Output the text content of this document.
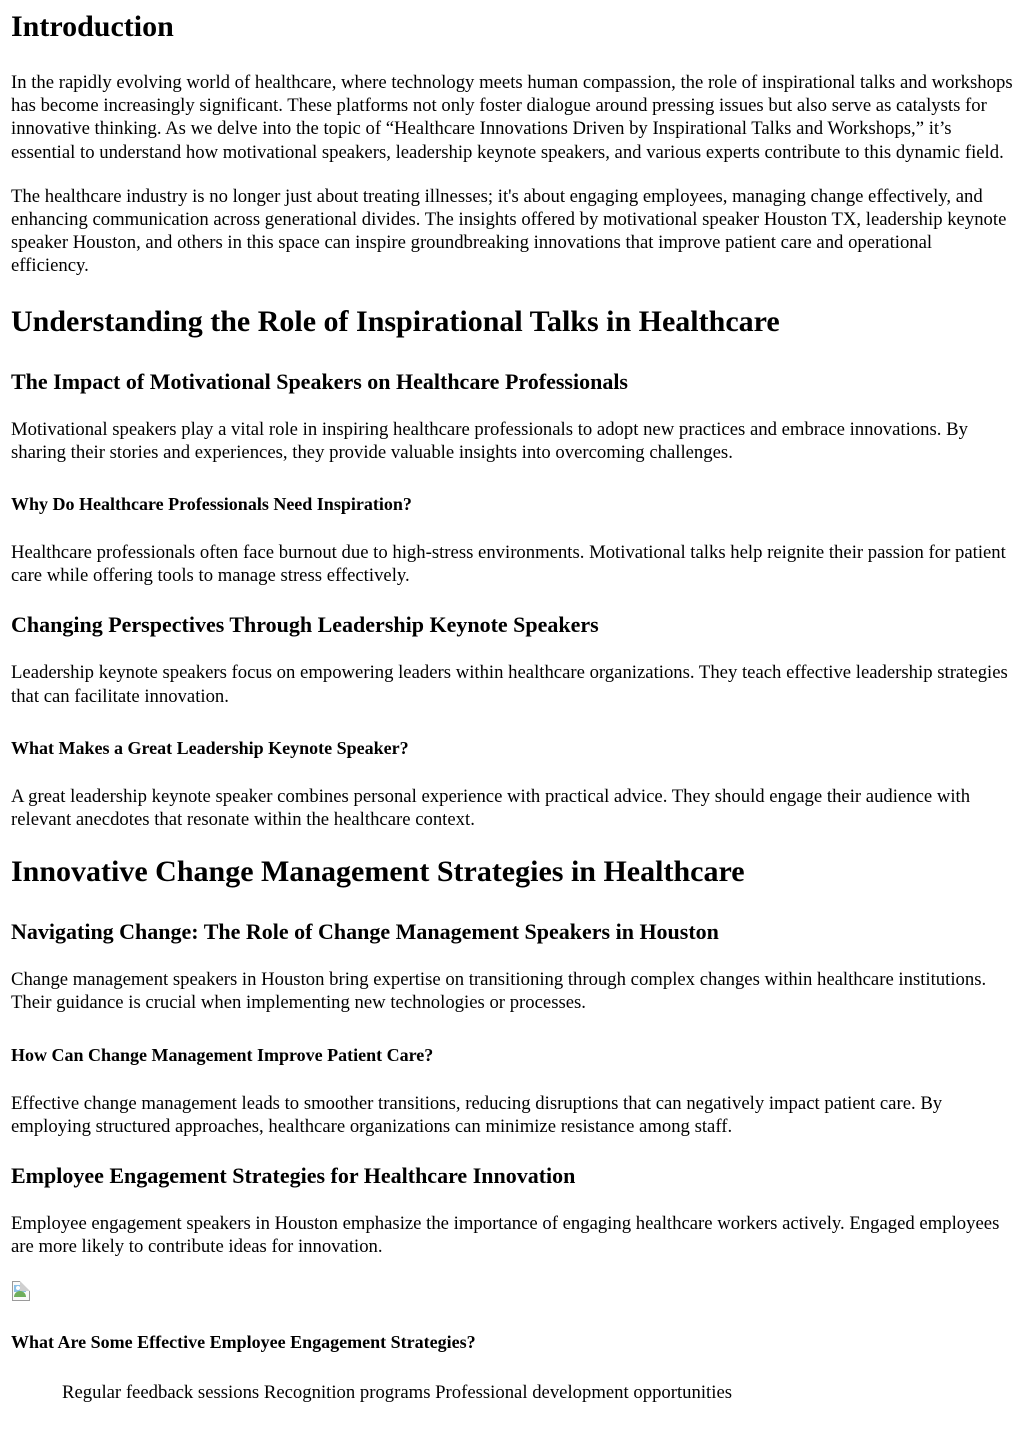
Introduction

In the rapidly evolving world of healthcare, where technology meets human compassion, the role of inspirational talks and workshops has become increasingly significant. These platforms not only foster dialogue around pressing issues but also serve as catalysts for innovative thinking. As we delve into the topic of “Healthcare Innovations Driven by Inspirational Talks and Workshops,” it’s essential to understand how motivational speakers, leadership keynote speakers, and various experts contribute to this dynamic field.

The healthcare industry is no longer just about treating illnesses; it's about engaging employees, managing change effectively, and enhancing communication across generational divides. The insights offered by motivational speaker Houston TX, leadership keynote speaker Houston, and others in this space can inspire groundbreaking innovations that improve patient care and operational efficiency.

Understanding the Role of Inspirational Talks in Healthcare
The Impact of Motivational Speakers on Healthcare Professionals

Motivational speakers play a vital role in inspiring healthcare professionals to adopt new practices and embrace innovations. By sharing their stories and experiences, they provide valuable insights into overcoming challenges.

Why Do Healthcare Professionals Need Inspiration?

Healthcare professionals often face burnout due to high-stress environments. Motivational talks help reignite their passion for patient care while offering tools to manage stress effectively.

Changing Perspectives Through Leadership Keynote Speakers

Leadership keynote speakers focus on empowering leaders within healthcare organizations. They teach effective leadership strategies that can facilitate innovation.

What Makes a Great Leadership Keynote Speaker?

A great leadership keynote speaker combines personal experience with practical advice. They should engage their audience with relevant anecdotes that resonate within the healthcare context.

Innovative Change Management Strategies in Healthcare
Navigating Change: The Role of Change Management Speakers in Houston

Change management speakers in Houston bring expertise on transitioning through complex changes within healthcare institutions. Their guidance is crucial when implementing new technologies or processes.

How Can Change Management Improve Patient Care?

Effective change management leads to smoother transitions, reducing disruptions that can negatively impact patient care. By employing structured approaches, healthcare organizations can minimize resistance among staff.

Employee Engagement Strategies for Healthcare Innovation

Employee engagement speakers in Houston emphasize the importance of engaging healthcare workers actively. Engaged employees are more likely to contribute ideas for innovation.

What Are Some Effective Employee Engagement Strategies?
Regular feedback sessions Recognition programs Professional development opportunities
